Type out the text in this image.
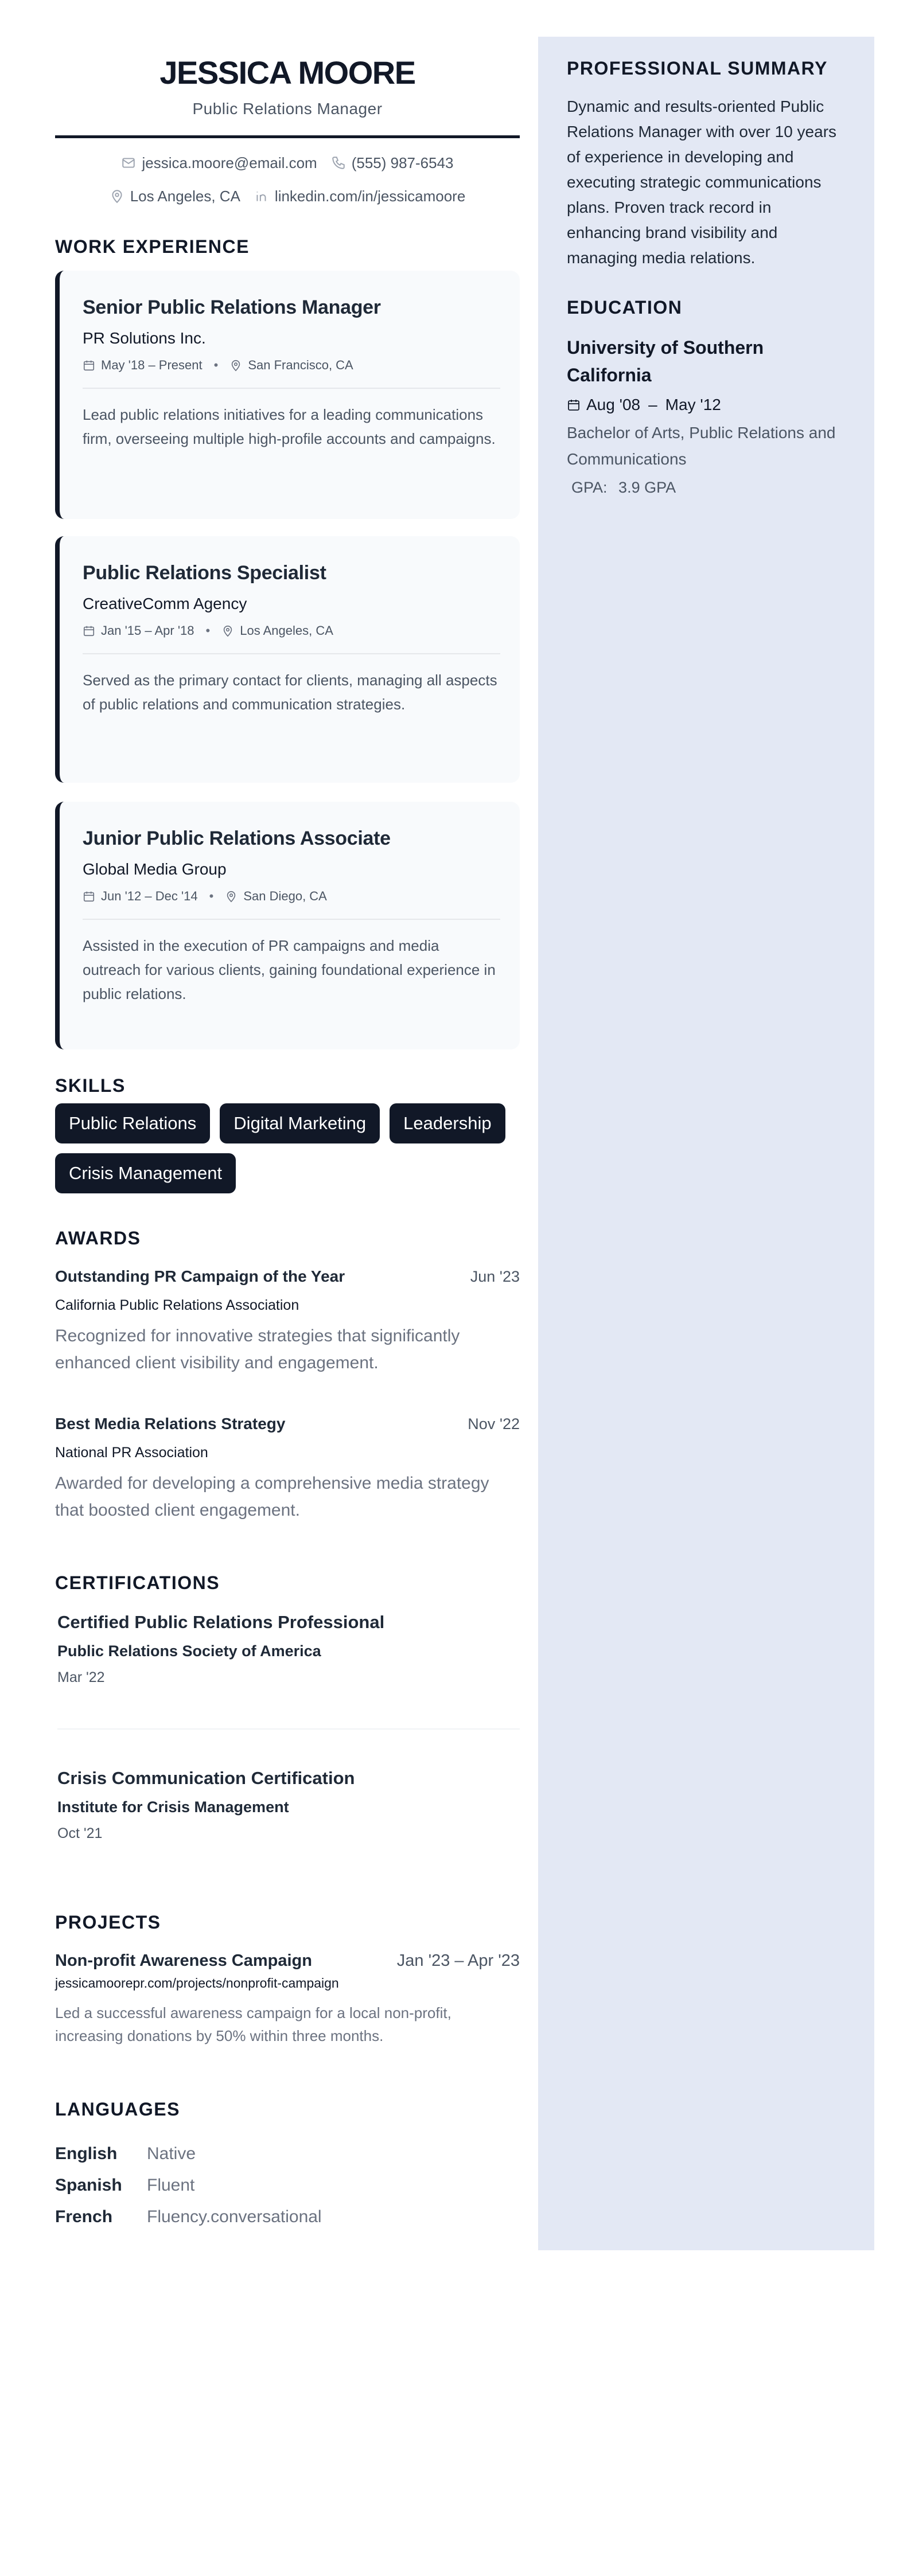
JESSICA MOORE
Public Relations Manager
jessica.moore@email.com (555) 987-6543
Los Angeles, CA linkedin.com/in/jessicamoore
WORK EXPERIENCE
Senior Public Relations Manager
PR Solutions Inc.
May '18 – Present • San Francisco, CA
Lead public relations initiatives for a leading communications firm, overseeing multiple high-profile accounts and campaigns.
Public Relations Specialist
CreativeComm Agency
Jan '15 – Apr '18 • Los Angeles, CA
Served as the primary contact for clients, managing all aspects of public relations and communication strategies.
Junior Public Relations Associate
Global Media Group
Jun '12 – Dec '14 • San Diego, CA
Assisted in the execution of PR campaigns and media outreach for various clients, gaining foundational experience in public relations.
SKILLS
Public Relations	Digital Marketing	Leadership
Crisis Management
AWARDS
Outstanding PR Campaign of the Year	Jun '23
California Public Relations Association
Recognized for innovative strategies that significantly enhanced client visibility and engagement.
Best Media Relations Strategy	Nov '22
National PR Association
Awarded for developing a comprehensive media strategy that boosted client engagement.
CERTIFICATIONS
Certified Public Relations Professional
Public Relations Society of America
Mar '22
Crisis Communication Certification
Institute for Crisis Management
Oct '21
PROJECTS
Non-profit Awareness Campaign	Jan '23 – Apr '23
jessicamoorepr.com/projects/nonprofit-campaign
Led a successful awareness campaign for a local non-profit, increasing donations by 50% within three months.
LANGUAGES
English	Native
Spanish	Fluent
French	Fluency.conversational
PROFESSIONAL SUMMARY

Dynamic and results-oriented Public Relations Manager with over 10 years of experience in developing and executing strategic communications plans. Proven track record in enhancing brand visibility and managing media relations.

EDUCATION
University of Southern California
Aug '08 – May '12
Bachelor of Arts, Public Relations and Communications
GPA: 3.9 GPA
